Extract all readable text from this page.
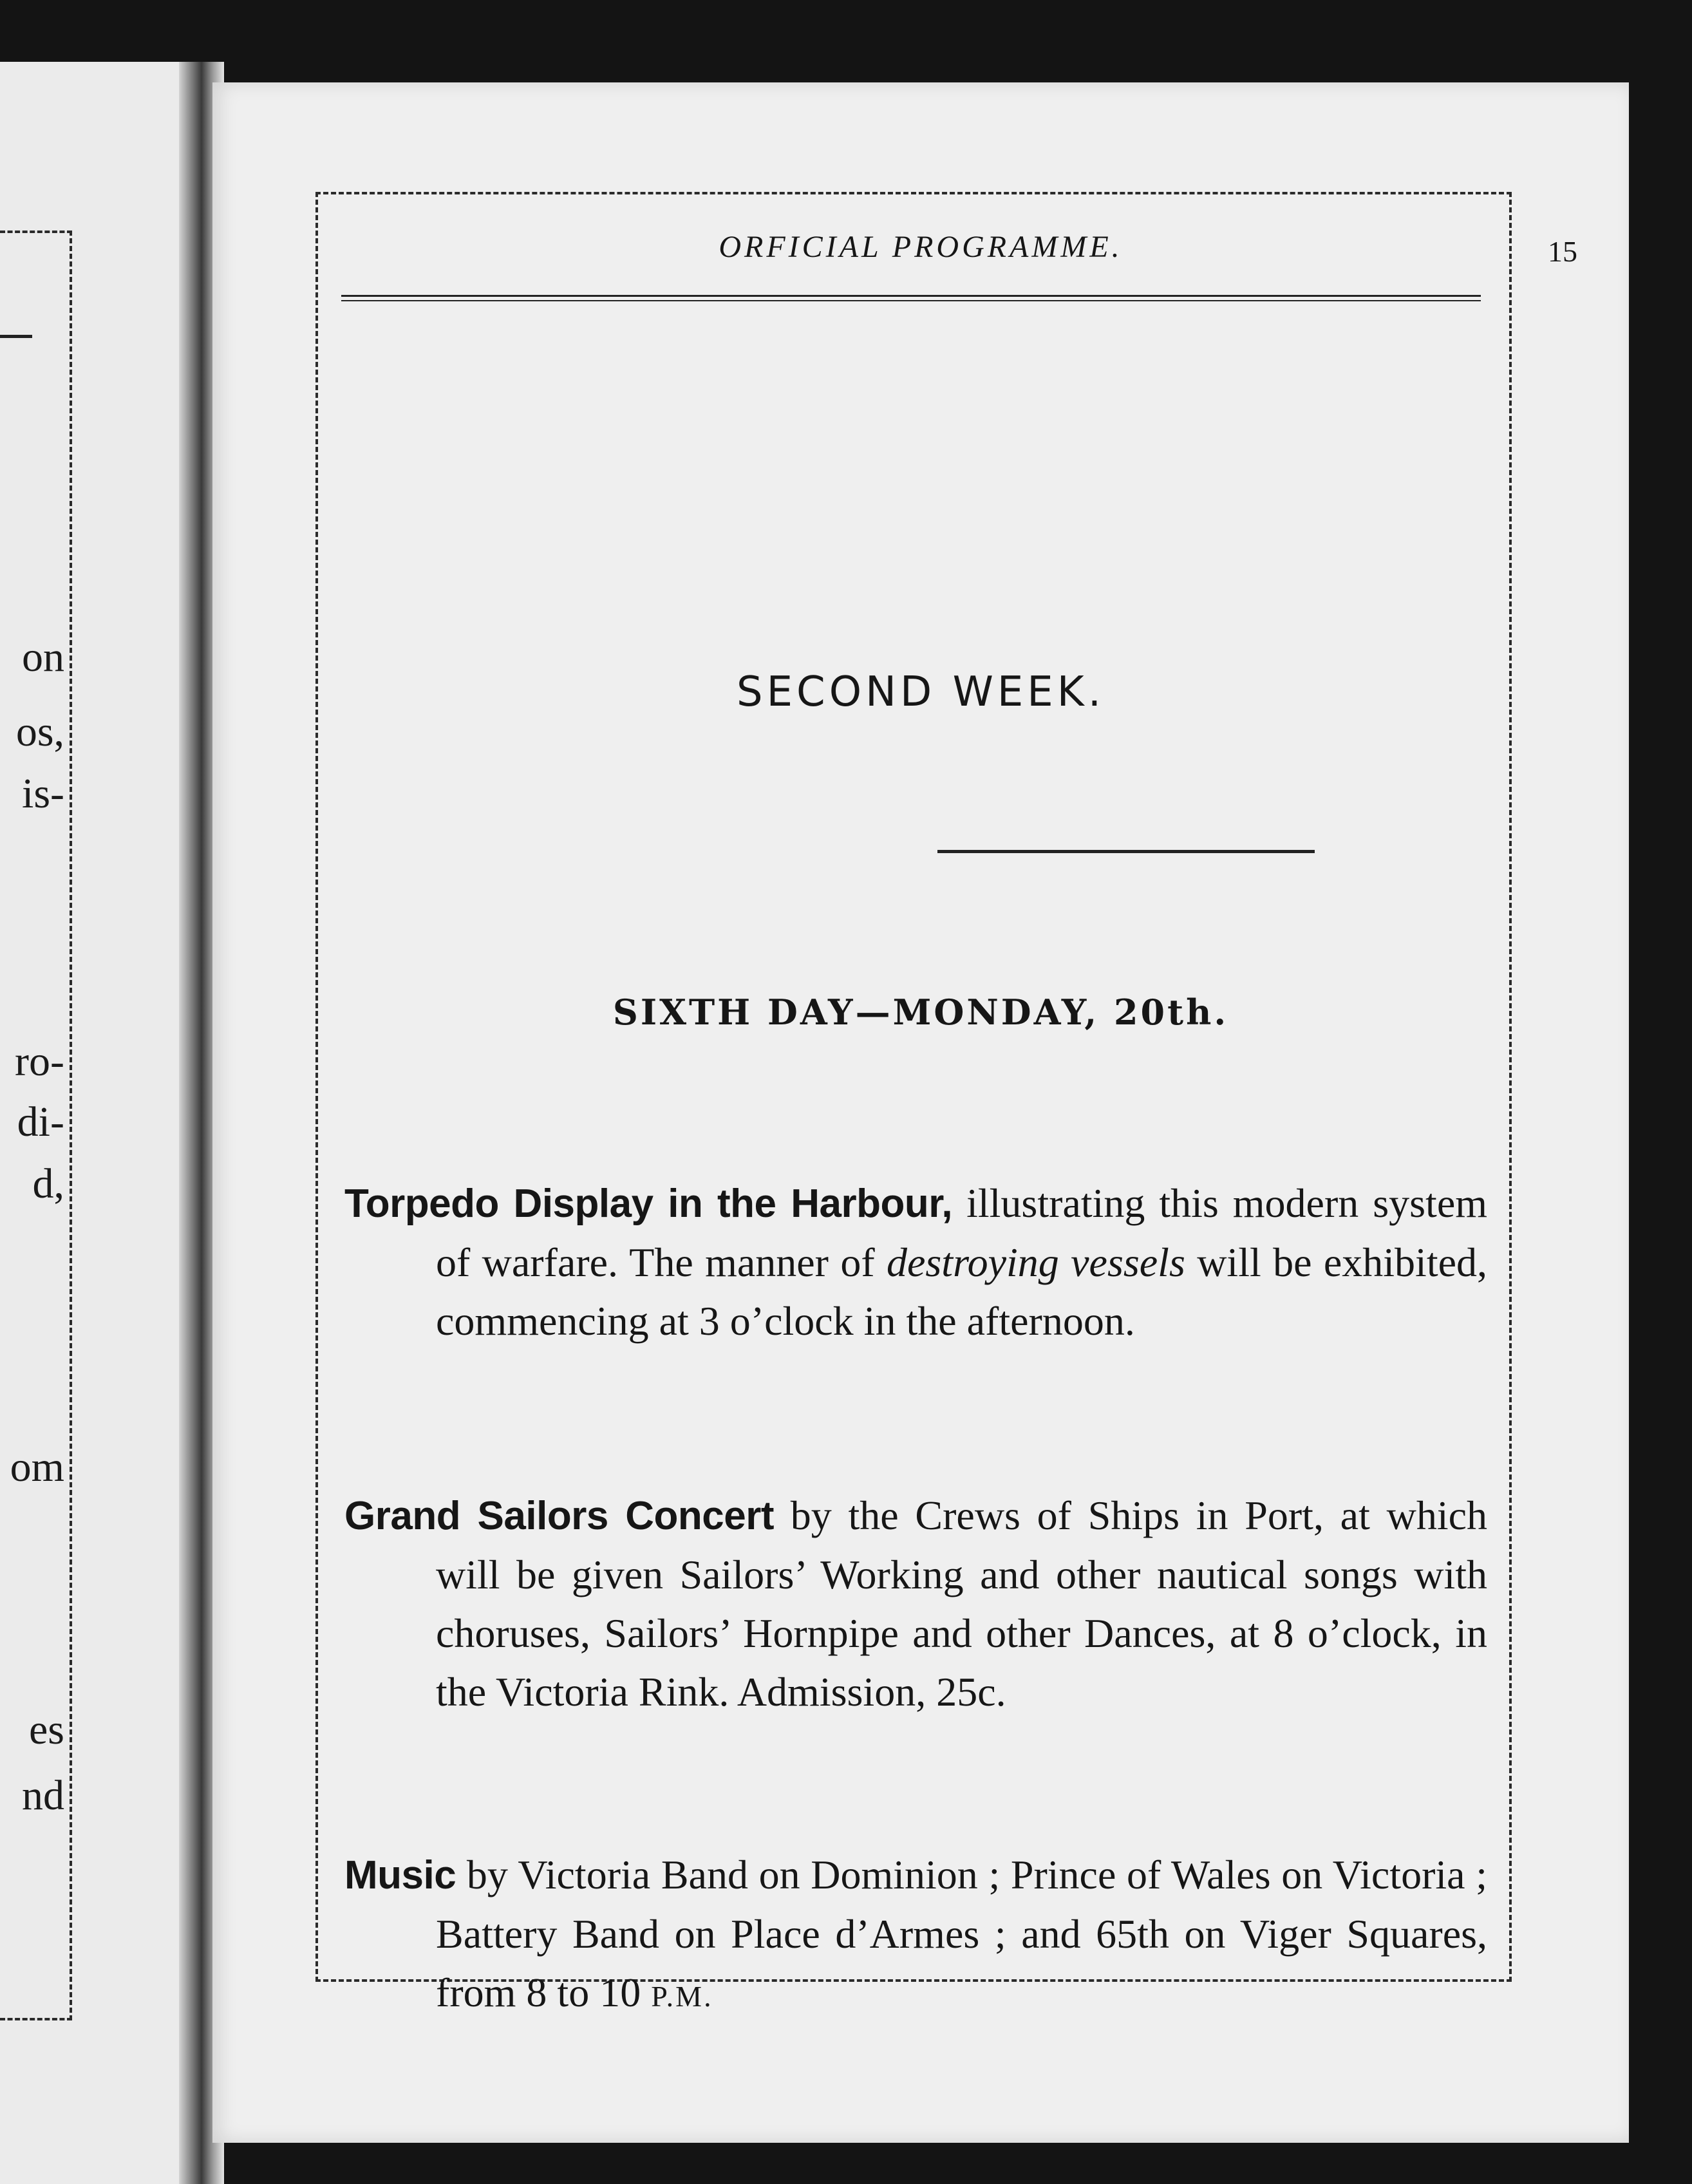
on
os,
is-
ro-
di-
d,
om
es
nd
ORFICIAL PROGRAMME.	15
SECOND WEEK.
SIXTH DAY—MONDAY, 20th.

Torpedo Display in the Harbour, illustrating this modern system of warfare. The manner of destroying vessels will be exhibited, commencing at 3 o’clock in the afternoon.

Grand Sailors Concert by the Crews of Ships in Port, at which will be given Sailors’ Working and other nautical songs with choruses, Sailors’ Hornpipe and other Dances, at 8 o’clock, in the Victoria Rink. Admission, 25c.

Music by Victoria Band on Dominion ; Prince of Wales on Victoria ; Battery Band on Place d’Armes ; and 65th on Viger Squares, from 8 to 10 P.M.
